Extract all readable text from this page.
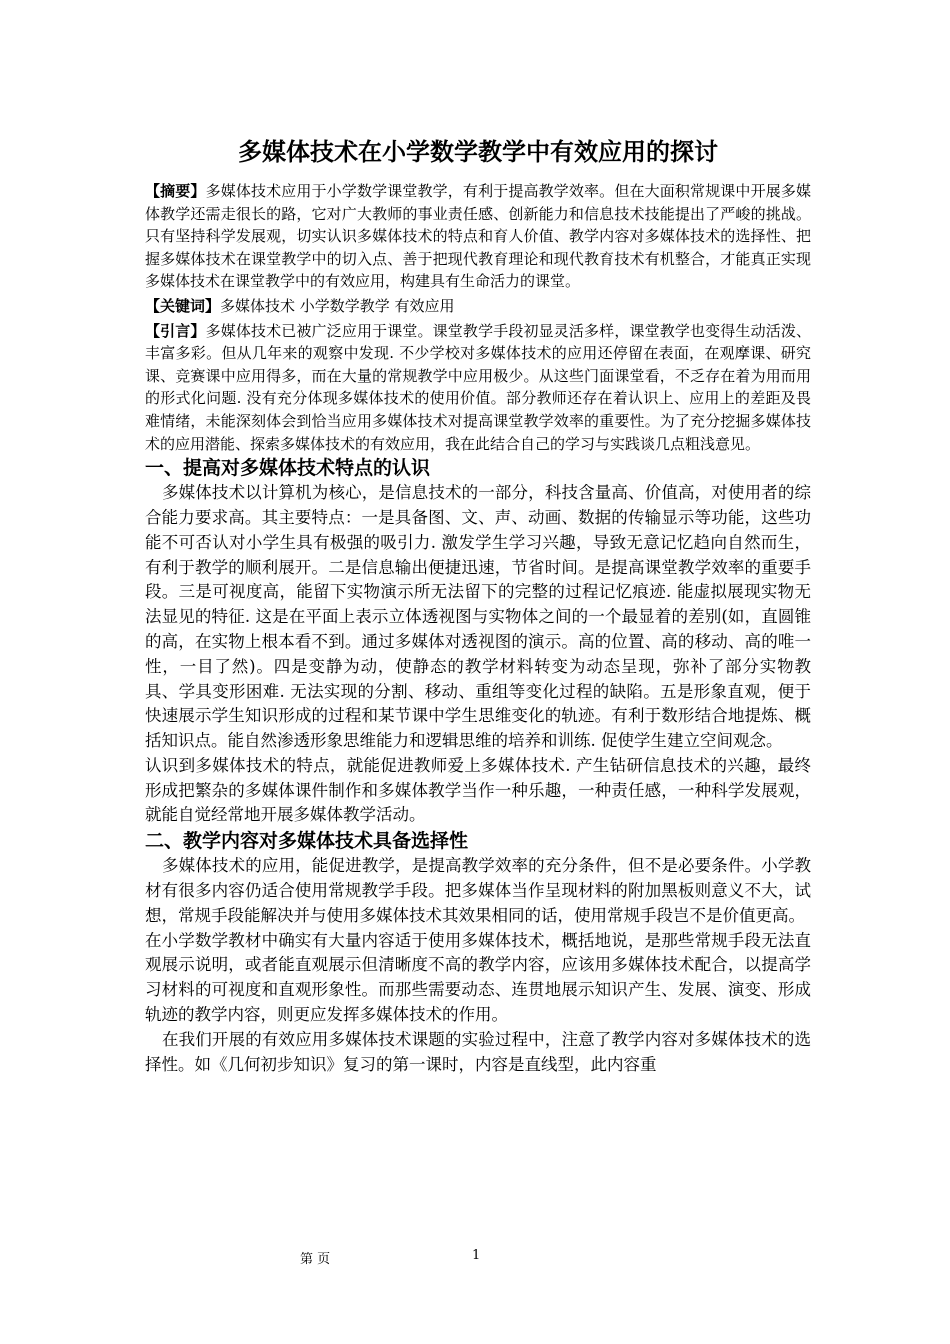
多媒体技术在小学数学教学中有效应用的探讨

【摘要】多媒体技术应用于小学数学课堂教学，有利于提高教学效率。但在大面积常规课中开展多媒体教学还需走很长的路，它对广大教师的事业责任感、创新能力和信息技术技能提出了严峻的挑战。只有坚持科学发展观，切实认识多媒体技术的特点和育人价值、教学内容对多媒体技术的选择性、把握多媒体技术在课堂教学中的切入点、善于把现代教育理论和现代教育技术有机整合，才能真正实现多媒体技术在课堂教学中的有效应用，构建具有生命活力的课堂。

【关键词】多媒体技术 小学数学教学 有效应用

【引言】多媒体技术已被广泛应用于课堂。课堂教学手段初显灵活多样，课堂教学也变得生动活泼、丰富多彩。但从几年来的观察中发现. 不少学校对多媒体技术的应用还停留在表面，在观摩课、研究课、竞赛课中应用得多，而在大量的常规教学中应用极少。从这些门面课堂看，不乏存在着为用而用的形式化问题. 没有充分体现多媒体技术的使用价值。部分教师还存在着认识上、应用上的差距及畏难情绪，未能深刻体会到恰当应用多媒体技术对提高课堂教学效率的重要性。为了充分挖掘多媒体技术的应用潜能、探索多媒体技术的有效应用，我在此结合自己的学习与实践谈几点粗浅意见。

一、提高对多媒体技术特点的认识

多媒体技术以计算机为核心，是信息技术的一部分，科技含量高、价值高，对使用者的综合能力要求高。其主要特点：一是具备图、文、声、动画、数据的传输显示等功能，这些功能不可否认对小学生具有极强的吸引力. 激发学生学习兴趣，导致无意记忆趋向自然而生，有利于教学的顺利展开。二是信息输出便捷迅速，节省时间。是提高课堂教学效率的重要手段。三是可视度高，能留下实物演示所无法留下的完整的过程记忆痕迹. 能虚拟展现实物无法显见的特征. 这是在平面上表示立体透视图与实物体之间的一个最显着的差别(如，直圆锥的高，在实物上根本看不到。通过多媒体对透视图的演示。高的位置、高的移动、高的唯一性，一目了然)。四是变静为动，使静态的教学材料转变为动态呈现，弥补了部分实物教具、学具变形困难. 无法实现的分割、移动、重组等变化过程的缺陷。五是形象直观，便于快速展示学生知识形成的过程和某节课中学生思维变化的轨迹。有利于数形结合地提炼、概括知识点。能自然渗透形象思维能力和逻辑思维的培养和训练. 促使学生建立空间观念。

认识到多媒体技术的特点，就能促进教师爱上多媒体技术. 产生钻研信息技术的兴趣，最终形成把繁杂的多媒体课件制作和多媒体教学当作一种乐趣，一种责任感，一种科学发展观，就能自觉经常地开展多媒体教学活动。

二、教学内容对多媒体技术具备选择性

多媒体技术的应用，能促进教学，是提高教学效率的充分条件，但不是必要条件。小学教材有很多内容仍适合使用常规教学手段。把多媒体当作呈现材料的附加黑板则意义不大，试想，常规手段能解决并与使用多媒体技术其效果相同的话，使用常规手段岂不是价值更高。

在小学数学教材中确实有大量内容适于使用多媒体技术，概括地说，是那些常规手段无法直观展示说明，或者能直观展示但清晰度不高的教学内容，应该用多媒体技术配合，以提高学习材料的可视度和直观形象性。而那些需要动态、连贯地展示知识产生、发展、演变、形成轨迹的教学内容，则更应发挥多媒体技术的作用。

在我们开展的有效应用多媒体技术课题的实验过程中，注意了教学内容对多媒体技术的选择性。如《几何初步知识》复习的第一课时，内容是直线型，此内容重

第 页	1
